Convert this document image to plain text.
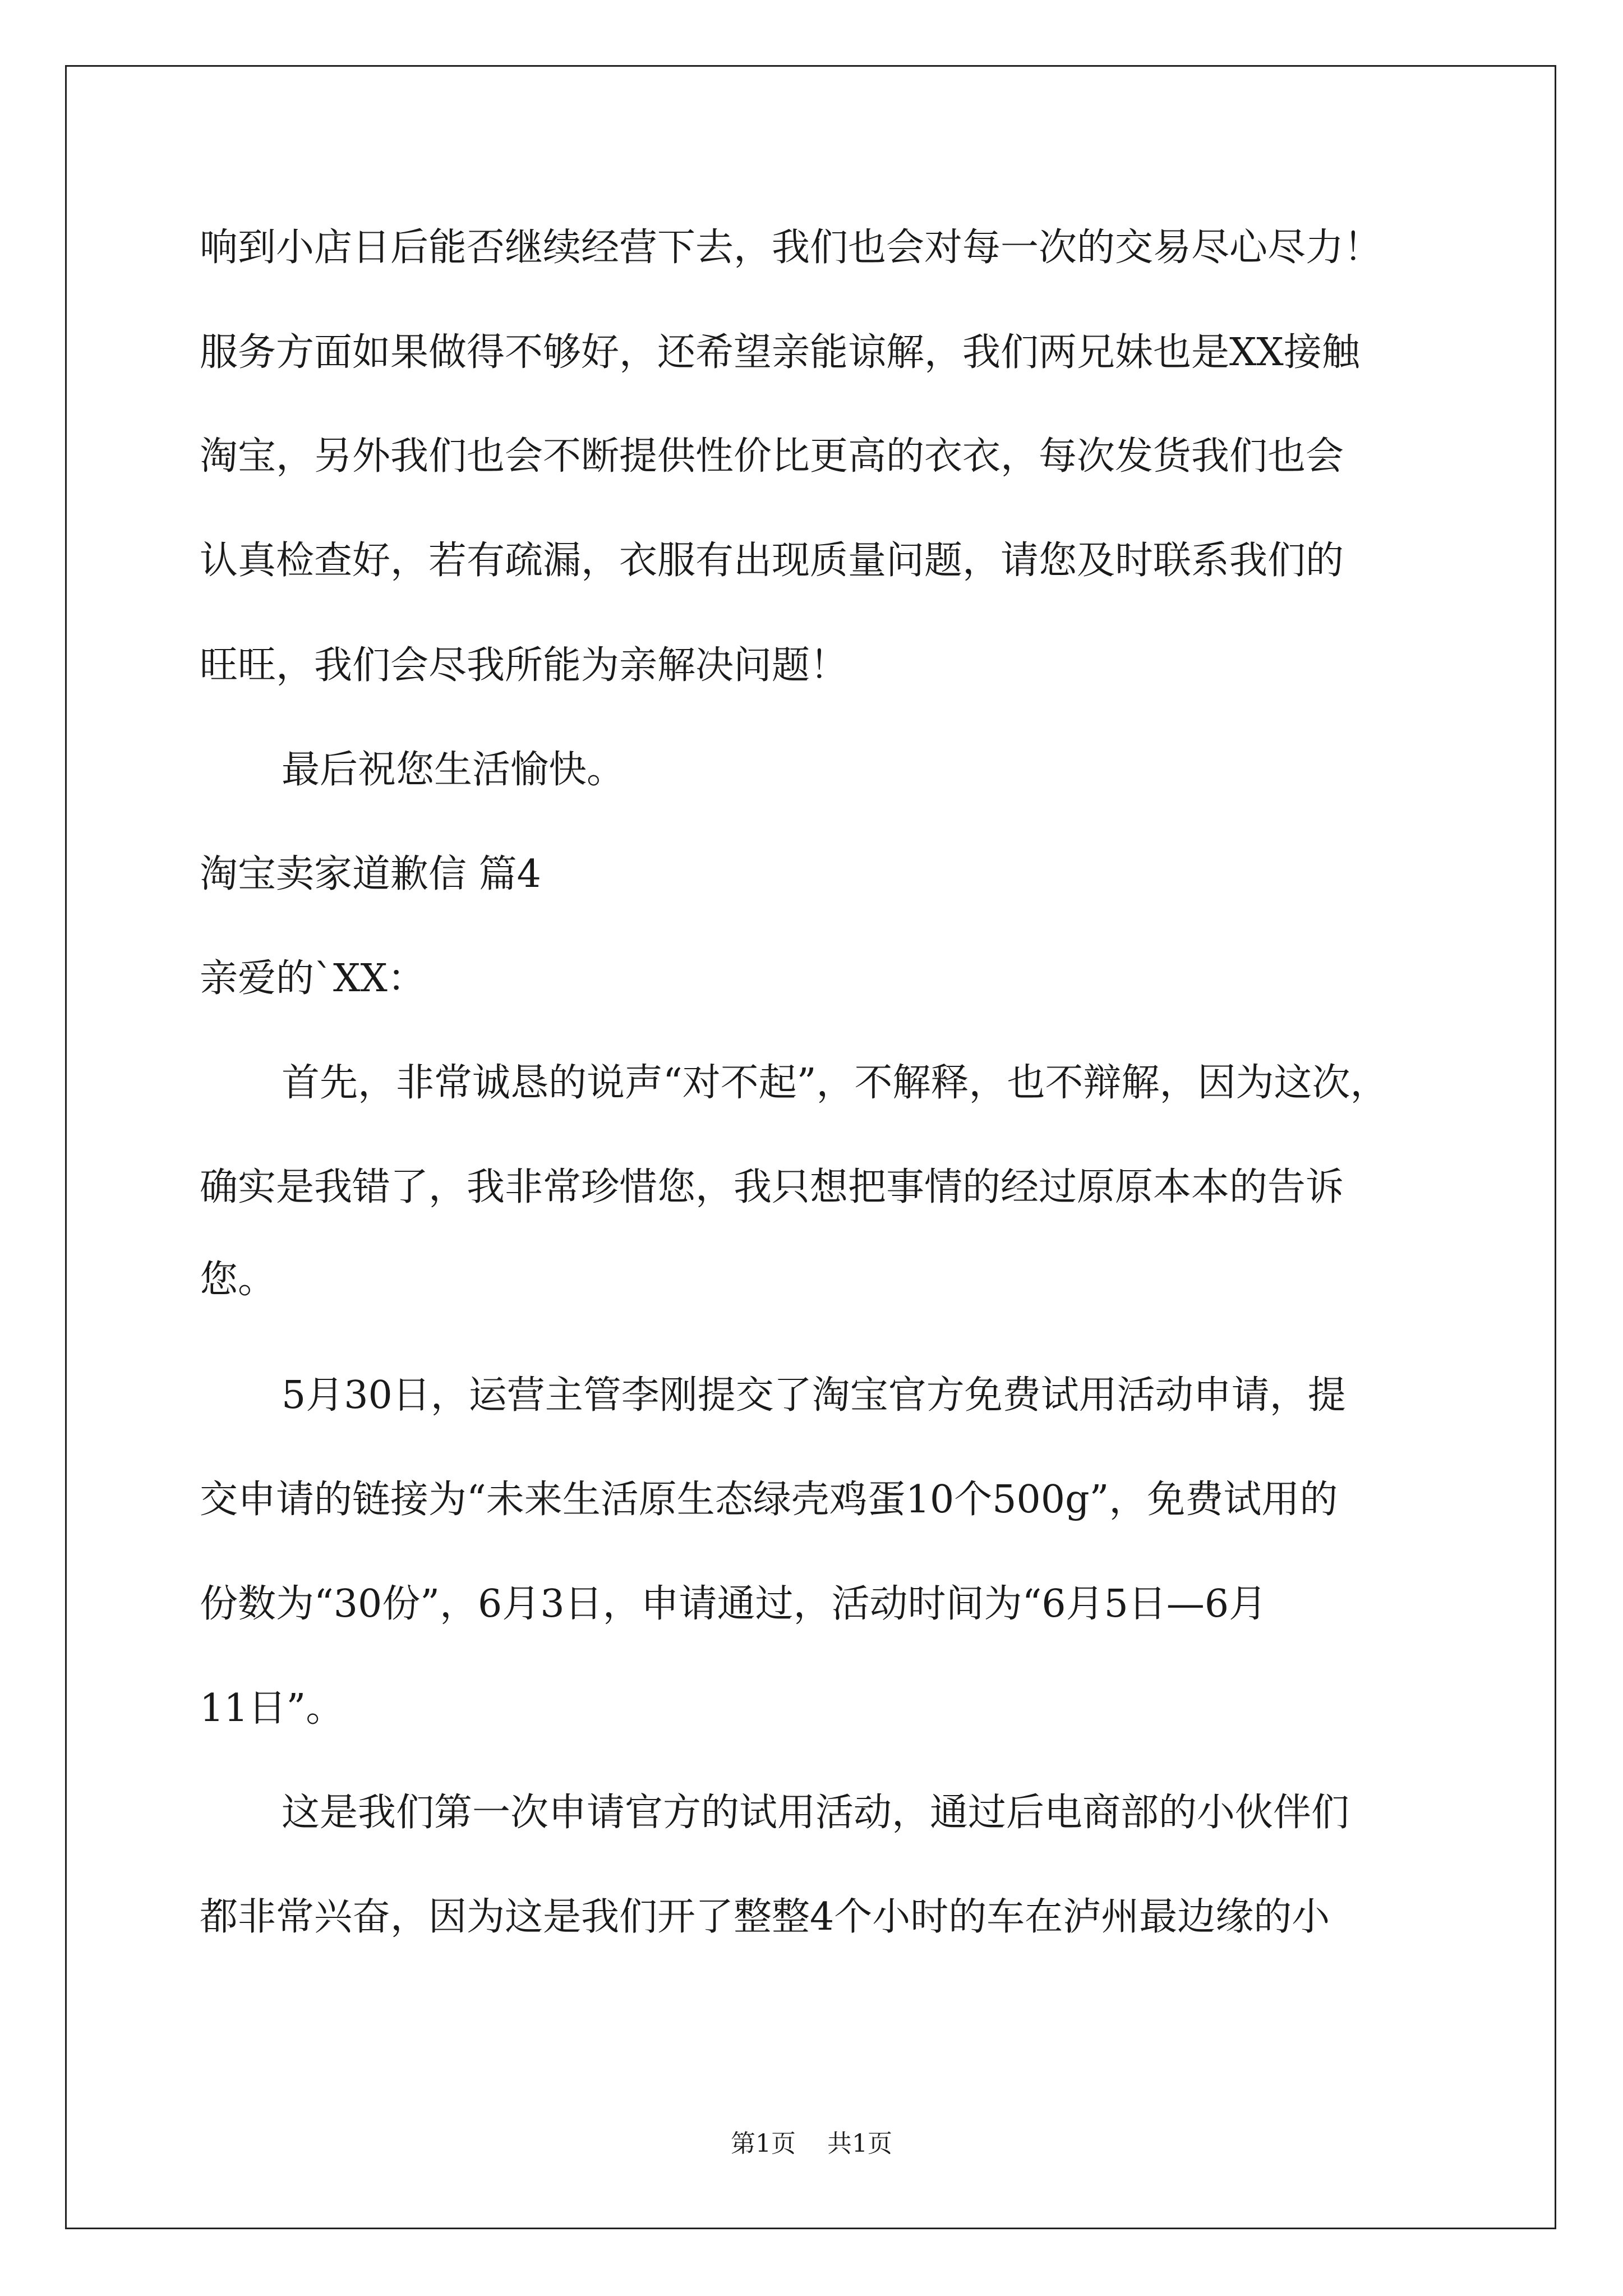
响到小店日后能否继续经营下去，我们也会对每一次的交易尽心尽力！
服务方面如果做得不够好，还希望亲能谅解，我们两兄妹也是XX接触
淘宝，另外我们也会不断提供性价比更高的衣衣，每次发货我们也会
认真检查好，若有疏漏，衣服有出现质量问题，请您及时联系我们的
旺旺，我们会尽我所能为亲解决问题！
最后祝您生活愉快。
淘宝卖家道歉信 篇4
亲爱的`XX：
首先，非常诚恳的说声“对不起”，不解释，也不辩解，因为这次，
确实是我错了，我非常珍惜您，我只想把事情的经过原原本本的告诉
您。
5月30日，运营主管李刚提交了淘宝官方免费试用活动申请，提
交申请的链接为“未来生活原生态绿壳鸡蛋10个500g”，免费试用的
份数为“30份”，6月3日，申请通过，活动时间为“6月5日—6月
11日”。
这是我们第一次申请官方的试用活动，通过后电商部的小伙伴们
都非常兴奋，因为这是我们开了整整4个小时的车在泸州最边缘的小
第1页 共1页
